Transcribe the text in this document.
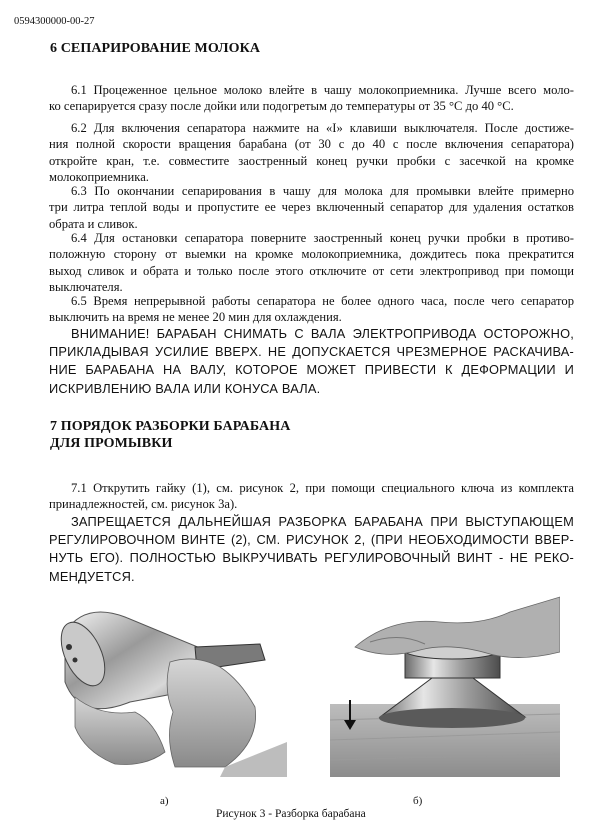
0594300000-00-27
6 СЕПАРИРОВАНИЕ МОЛОКА
6.1 Процеженное цельное молоко влейте в чашу молокоприемника. Лучше всего моло-
ко сепарируется сразу после дойки или подогретым до температуры от 35 °С до 40 °С.
6.2 Для включения сепаратора нажмите на «I» клавиши выключателя. После достиже-
ния полной скорости вращения барабана (от 30 с до 40 с после включения сепаратора)
откройте кран, т.е. совместите заостренный конец ручки пробки с засечкой на кромке
молокоприемника.
6.3 По окончании сепарирования в чашу для молока для промывки влейте примерно
три литра теплой воды и пропустите ее через включенный сепаратор для удаления остатков
обрата и сливок.
6.4 Для остановки сепаратора поверните заостренный конец ручки пробки в противо-
положную сторону от выемки на кромке молокоприемника, дождитесь пока прекратится
выход сливок и обрата и только после этого отключите от сети электропривод при помощи
выключателя.
6.5 Время непрерывной работы сепаратора не более одного часа, после чего сепаратор
выключить на время не менее 20 мин для охлаждения.
ВНИМАНИЕ! БАРАБАН СНИМАТЬ С ВАЛА ЭЛЕКТРОПРИВОДА ОСТОРОЖНО,
ПРИКЛАДЫВАЯ УСИЛИЕ ВВЕРХ. НЕ ДОПУСКАЕТСЯ ЧРЕЗМЕРНОЕ РАСКАЧИВА-
НИЕ БАРАБАНА НА ВАЛУ, КОТОРОЕ МОЖЕТ ПРИВЕСТИ К ДЕФОРМАЦИИ И
ИСКРИВЛЕНИЮ ВАЛА ИЛИ КОНУСА ВАЛА.
7 ПОРЯДОК РАЗБОРКИ БАРАБАНА
ДЛЯ ПРОМЫВКИ
7.1 Открутить гайку (1), см. рисунок 2, при помощи специального ключа из комплекта
принадлежностей, см. рисунок 3а).
ЗАПРЕЩАЕТСЯ ДАЛЬНЕЙШАЯ РАЗБОРКА БАРАБАНА ПРИ ВЫСТУПАЮЩЕМ
РЕГУЛИРОВОЧНОМ ВИНТЕ (2), СМ. РИСУНОК 2, (ПРИ НЕОБХОДИМОСТИ ВВЕР-
НУТЬ ЕГО). ПОЛНОСТЬЮ ВЫКРУЧИВАТЬ РЕГУЛИРОВОЧНЫЙ ВИНТ - НЕ РЕКО-
МЕНДУЕТСЯ.
а)	б)
Рисунок 3 - Разборка барабана
